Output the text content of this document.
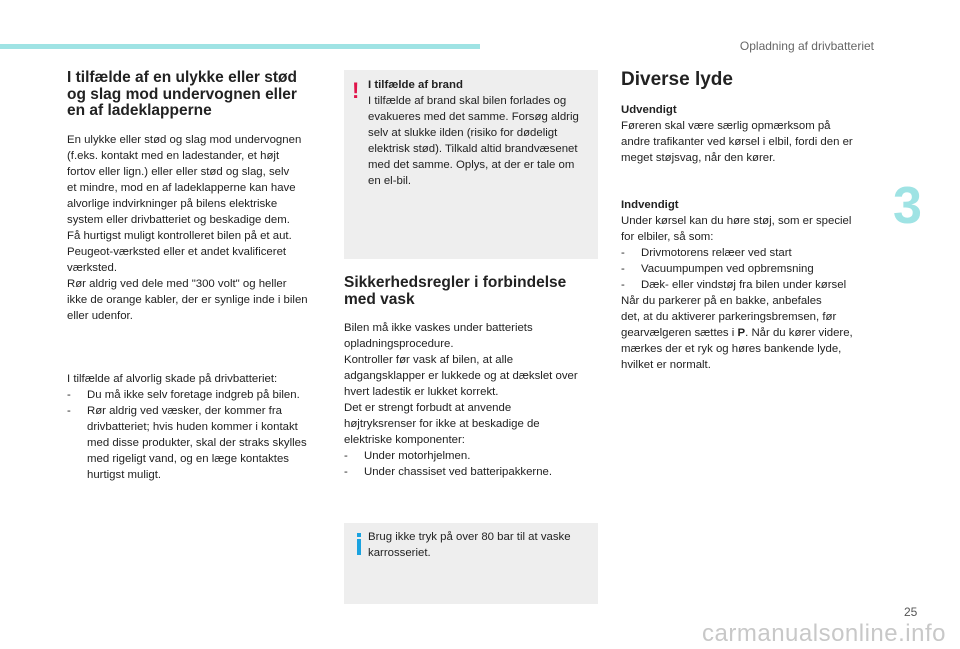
Opladning af drivbatteriet
3
I tilfælde af en ulykke eller stød
og slag mod undervognen eller
en af ladeklapperne

En ulykke eller stød og slag mod undervognen
(f.eks. kontakt med en ladestander, et højt
fortov eller lign.) eller eller stød og slag, selv
et mindre, mod en af ladeklapperne kan have
alvorlige indvirkninger på bilens elektriske
system eller drivbatteriet og beskadige dem.
Få hurtigst muligt kontrolleret bilen på et aut.
Peugeot-værksted eller et andet kvalificeret
værksted.
Rør aldrig ved dele med "300 volt" og heller
ikke de orange kabler, der er synlige inde i bilen
eller udenfor.

I tilfælde af alvorlig skade på drivbatteriet:

- Du må ikke selv foretage indgreb på bilen.
- Rør aldrig ved væsker, der kommer fra
drivbatteriet; hvis huden kommer i kontakt
med disse produkter, skal der straks skylles
med rigeligt vand, og en læge kontaktes
hurtigst muligt.
! I tilfælde af brand

I tilfælde af brand skal bilen forlades og
evakueres med det samme. Forsøg aldrig
selv at slukke ilden (risiko for dødeligt
elektrisk stød). Tilkald altid brandvæsenet
med det samme. Oplys, at der er tale om
en el-bil.

Sikkerhedsregler i forbindelse
med vask

Bilen må ikke vaskes under batteriets
opladningsprocedure.
Kontroller før vask af bilen, at alle
adgangsklapper er lukkede og at dækslet over
hvert ladestik er lukket korrekt.
Det er strengt forbudt at anvende
højtryksrenser for ikke at beskadige de
elektriske komponenter:

- Under motorhjelmen.
- Under chassiset ved batteripakkerne.

Brug ikke tryk på over 80 bar til at vaske
karrosseriet.

Diverse lyde

Udvendigt

Føreren skal være særlig opmærksom på
andre trafikanter ved kørsel i elbil, fordi den er
meget støjsvag, når den kører.

Indvendigt

Under kørsel kan du høre støj, som er speciel
for elbiler, så som:

- Drivmotorens relæer ved start
- Vacuumpumpen ved opbremsning
- Dæk- eller vindstøj fra bilen under kørsel

Når du parkerer på en bakke, anbefales
det, at du aktiverer parkeringsbremsen, før
gearvælgeren sættes i P. Når du kører videre,
mærkes der et ryk og høres bankende lyde,
hvilket er normalt.

25
carmanualsonline.info
